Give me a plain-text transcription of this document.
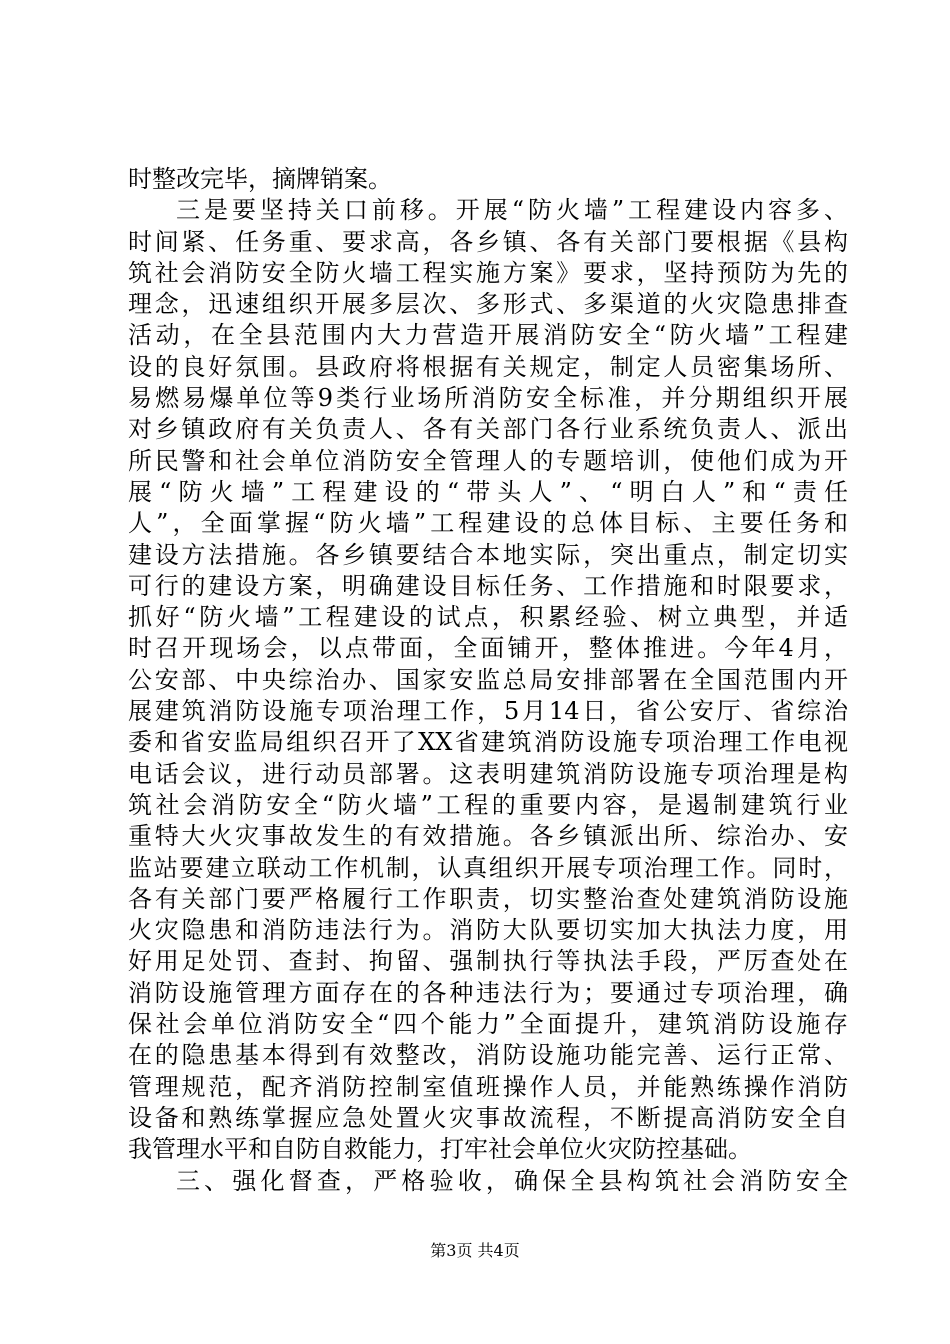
时整改完毕，摘牌销案。
三是要坚持关口前移。开展“防火墙”工程建设内容多、
时间紧、任务重、要求高，各乡镇、各有关部门要根据《县构
筑社会消防安全防火墙工程实施方案》要求，坚持预防为先的
理念，迅速组织开展多层次、多形式、多渠道的火灾隐患排查
活动，在全县范围内大力营造开展消防安全“防火墙”工程建
设的良好氛围。县政府将根据有关规定，制定人员密集场所、
易燃易爆单位等9类行业场所消防安全标准，并分期组织开展
对乡镇政府有关负责人、各有关部门各行业系统负责人、派出
所民警和社会单位消防安全管理人的专题培训，使他们成为开
展“防火墙”工程建设的“带头人”、“明白人”和“责任
人”，全面掌握“防火墙”工程建设的总体目标、主要任务和
建设方法措施。各乡镇要结合本地实际，突出重点，制定切实
可行的建设方案，明确建设目标任务、工作措施和时限要求，
抓好“防火墙”工程建设的试点，积累经验、树立典型，并适
时召开现场会，以点带面，全面铺开，整体推进。今年4月，
公安部、中央综治办、国家安监总局安排部署在全国范围内开
展建筑消防设施专项治理工作，5月14日，省公安厅、省综治
委和省安监局组织召开了XX省建筑消防设施专项治理工作电视
电话会议，进行动员部署。这表明建筑消防设施专项治理是构
筑社会消防安全“防火墙”工程的重要内容，是遏制建筑行业
重特大火灾事故发生的有效措施。各乡镇派出所、综治办、安
监站要建立联动工作机制，认真组织开展专项治理工作。同时，
各有关部门要严格履行工作职责，切实整治查处建筑消防设施
火灾隐患和消防违法行为。消防大队要切实加大执法力度，用
好用足处罚、查封、拘留、强制执行等执法手段，严厉查处在
消防设施管理方面存在的各种违法行为；要通过专项治理，确
保社会单位消防安全“四个能力”全面提升，建筑消防设施存
在的隐患基本得到有效整改，消防设施功能完善、运行正常、
管理规范，配齐消防控制室值班操作人员，并能熟练操作消防
设备和熟练掌握应急处置火灾事故流程，不断提高消防安全自
我管理水平和自防自救能力，打牢社会单位火灾防控基础。
三、强化督查，严格验收，确保全县构筑社会消防安全
第3页 共4页
